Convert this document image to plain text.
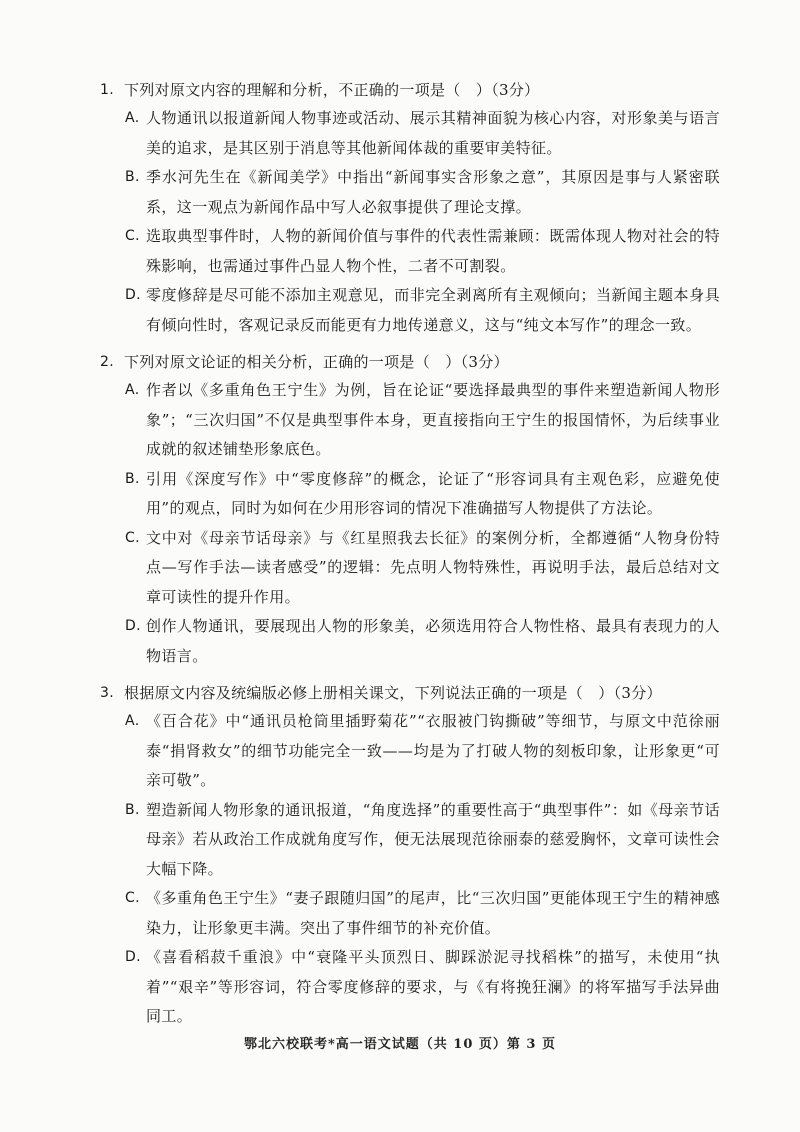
1. 下列对原文内容的理解和分析，不正确的一项是（　）（3分）
A. 人物通讯以报道新闻人物事迹或活动、展示其精神面貌为核心内容，对形象美与语言美的追求，是其区别于消息等其他新闻体裁的重要审美特征。
B. 季水河先生在《新闻美学》中指出“新闻事实含形象之意”，其原因是事与人紧密联系，这一观点为新闻作品中写人必叙事提供了理论支撑。
C. 选取典型事件时，人物的新闻价值与事件的代表性需兼顾：既需体现人物对社会的特殊影响，也需通过事件凸显人物个性，二者不可割裂。
D. 零度修辞是尽可能不添加主观意见，而非完全剥离所有主观倾向；当新闻主题本身具有倾向性时，客观记录反而能更有力地传递意义，这与“纯文本写作”的理念一致。
2. 下列对原文论证的相关分析，正确的一项是（　）（3分）
A. 作者以《多重角色王宁生》为例，旨在论证“要选择最典型的事件来塑造新闻人物形象”；“三次归国”不仅是典型事件本身，更直接指向王宁生的报国情怀，为后续事业成就的叙述铺垫形象底色。
B. 引用《深度写作》中“零度修辞”的概念，论证了“形容词具有主观色彩，应避免使用”的观点，同时为如何在少用形容词的情况下准确描写人物提供了方法论。
C. 文中对《母亲节话母亲》与《红星照我去长征》的案例分析，全都遵循“人物身份特点—写作手法—读者感受”的逻辑：先点明人物特殊性，再说明手法，最后总结对文章可读性的提升作用。
D. 创作人物通讯，要展现出人物的形象美，必须选用符合人物性格、最具有表现力的人物语言。
3. 根据原文内容及统编版必修上册相关课文，下列说法正确的一项是（　）（3分）
A. 《百合花》中“通讯员枪筒里插野菊花”“衣服被门钩撕破”等细节，与原文中范徐丽泰“捐肾救女”的细节功能完全一致——均是为了打破人物的刻板印象，让形象更“可亲可敬”。
B. 塑造新闻人物形象的通讯报道，“角度选择”的重要性高于“典型事件”：如《母亲节话母亲》若从政治工作成就角度写作，便无法展现范徐丽泰的慈爱胸怀，文章可读性会大幅下降。
C. 《多重角色王宁生》“妻子跟随归国”的尾声，比“三次归国”更能体现王宁生的精神感染力，让形象更丰满。突出了事件细节的补充价值。
D. 《喜看稻菽千重浪》中“衰隆平头顶烈日、脚踩淤泥寻找稻株”的描写，未使用“执着”“艰辛”等形容词，符合零度修辞的要求，与《有将挽狂澜》的将军描写手法异曲同工。
鄂北六校联考*高一语文试题（共 10 页）第 3 页
